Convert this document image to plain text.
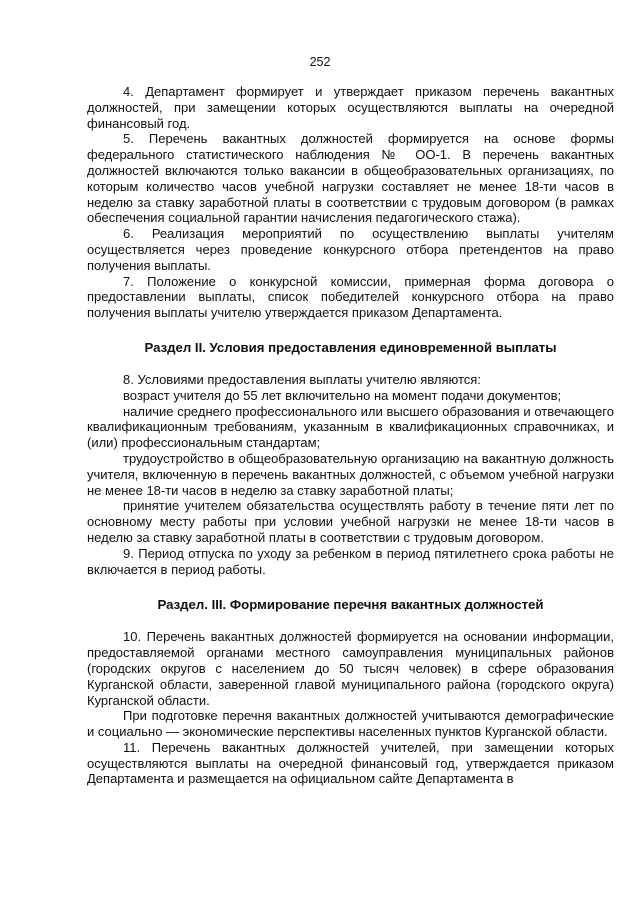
252

4. Департамент формирует и утверждает приказом перечень вакантных должностей, при замещении которых осуществляются выплаты на очередной финансовый год.

5. Перечень вакантных должностей формируется на основе формы федерального статистического наблюдения № ОО-1. В перечень вакантных должностей включаются только вакансии в общеобразовательных организациях, по которым количество часов учебной нагрузки составляет не менее 18-ти часов в неделю за ставку заработной платы в соответствии с трудовым договором (в рамках обеспечения социальной гарантии начисления педагогического стажа).

6. Реализация мероприятий по осуществлению выплаты учителям осуществляется через проведение конкурсного отбора претендентов на право получения выплаты.

7. Положение о конкурсной комиссии, примерная форма договора о предоставлении выплаты, список победителей конкурсного отбора на право получения выплаты учителю утверждается приказом Департамента.

Раздел II. Условия предоставления единовременной выплаты

8. Условиями предоставления выплаты учителю являются:

возраст учителя до 55 лет включительно на момент подачи документов;

наличие среднего профессионального или высшего образования и отвечающего квалификационным требованиям, указанным в квалификационных справочниках, и (или) профессиональным стандартам;

трудоустройство в общеобразовательную организацию на вакантную должность учителя, включенную в перечень вакантных должностей, с объемом учебной нагрузки не менее 18-ти часов в неделю за ставку заработной платы;

принятие учителем обязательства осуществлять работу в течение пяти лет по основному месту работы при условии учебной нагрузки не менее 18-ти часов в неделю за ставку заработной платы в соответствии с трудовым договором.

9. Период отпуска по уходу за ребенком в период пятилетнего срока работы не включается в период работы.

Раздел. III. Формирование перечня вакантных должностей

10. Перечень вакантных должностей формируется на основании информации, предоставляемой органами местного самоуправления муниципальных районов (городских округов с населением до 50 тысяч человек) в сфере образования Курганской области, заверенной главой муниципального района (городского округа) Курганской области.

При подготовке перечня вакантных должностей учитываются демографические и социально — экономические перспективы населенных пунктов Курганской области.

11. Перечень вакантных должностей учителей, при замещении которых осуществляются выплаты на очередной финансовый год, утверждается приказом Департамента и размещается на официальном сайте Департамента в
